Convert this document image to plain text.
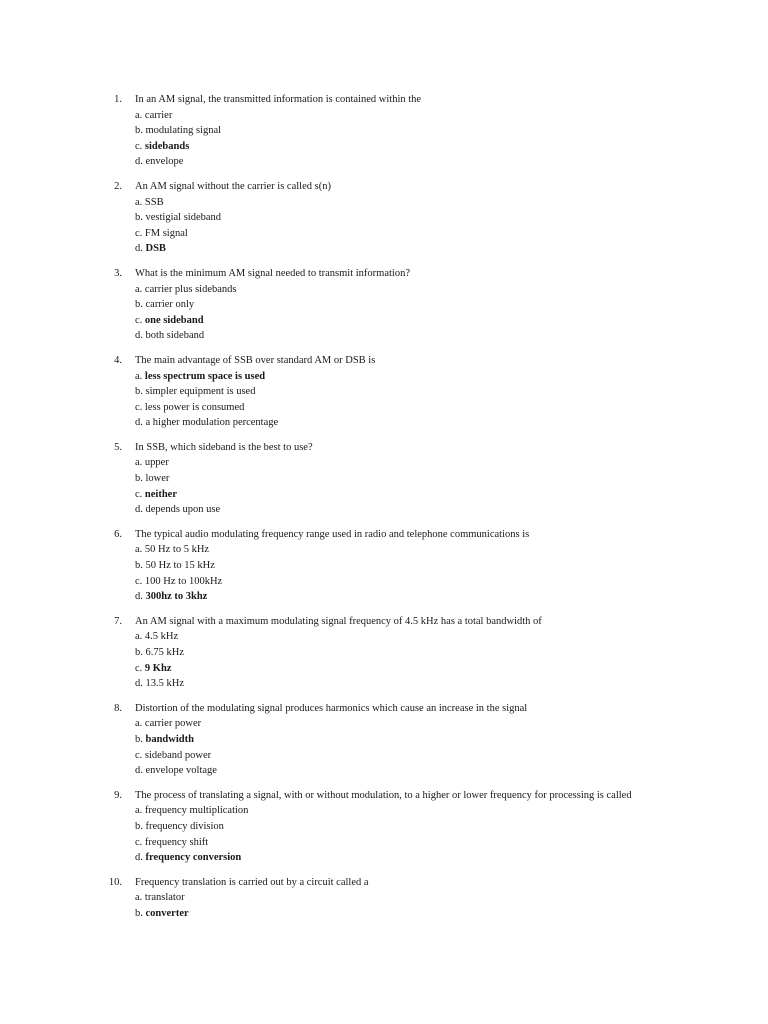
1. In an AM signal, the transmitted information is contained within the
a. carrier
b. modulating signal
c. sidebands
d. envelope
2. An AM signal without the carrier is called s(n)
a. SSB
b. vestigial sideband
c. FM signal
d. DSB
3. What is the minimum AM signal needed to transmit information?
a. carrier plus sidebands
b. carrier only
c. one sideband
d. both sideband
4. The main advantage of SSB over standard AM or DSB is
a. less spectrum space is used
b. simpler equipment is used
c. less power is consumed
d. a higher modulation percentage
5. In SSB, which sideband is the best to use?
a. upper
b. lower
c. neither
d. depends upon use
6. The typical audio modulating frequency range used in radio and telephone communications is
a. 50 Hz to 5 kHz
b. 50 Hz to 15 kHz
c. 100 Hz to 100kHz
d. 300hz to 3khz
7. An AM signal with a maximum modulating signal frequency of 4.5 kHz has a total bandwidth of
a. 4.5 kHz
b. 6.75 kHz
c. 9 Khz
d. 13.5 kHz
8. Distortion of the modulating signal produces harmonics which cause an increase in the signal
a. carrier power
b. bandwidth
c. sideband power
d. envelope voltage
9. The process of translating a signal, with or without modulation, to a higher or lower frequency for processing is called
a. frequency multiplication
b. frequency division
c. frequency shift
d. frequency conversion
10. Frequency translation is carried out by a circuit called a
a. translator
b. converter
